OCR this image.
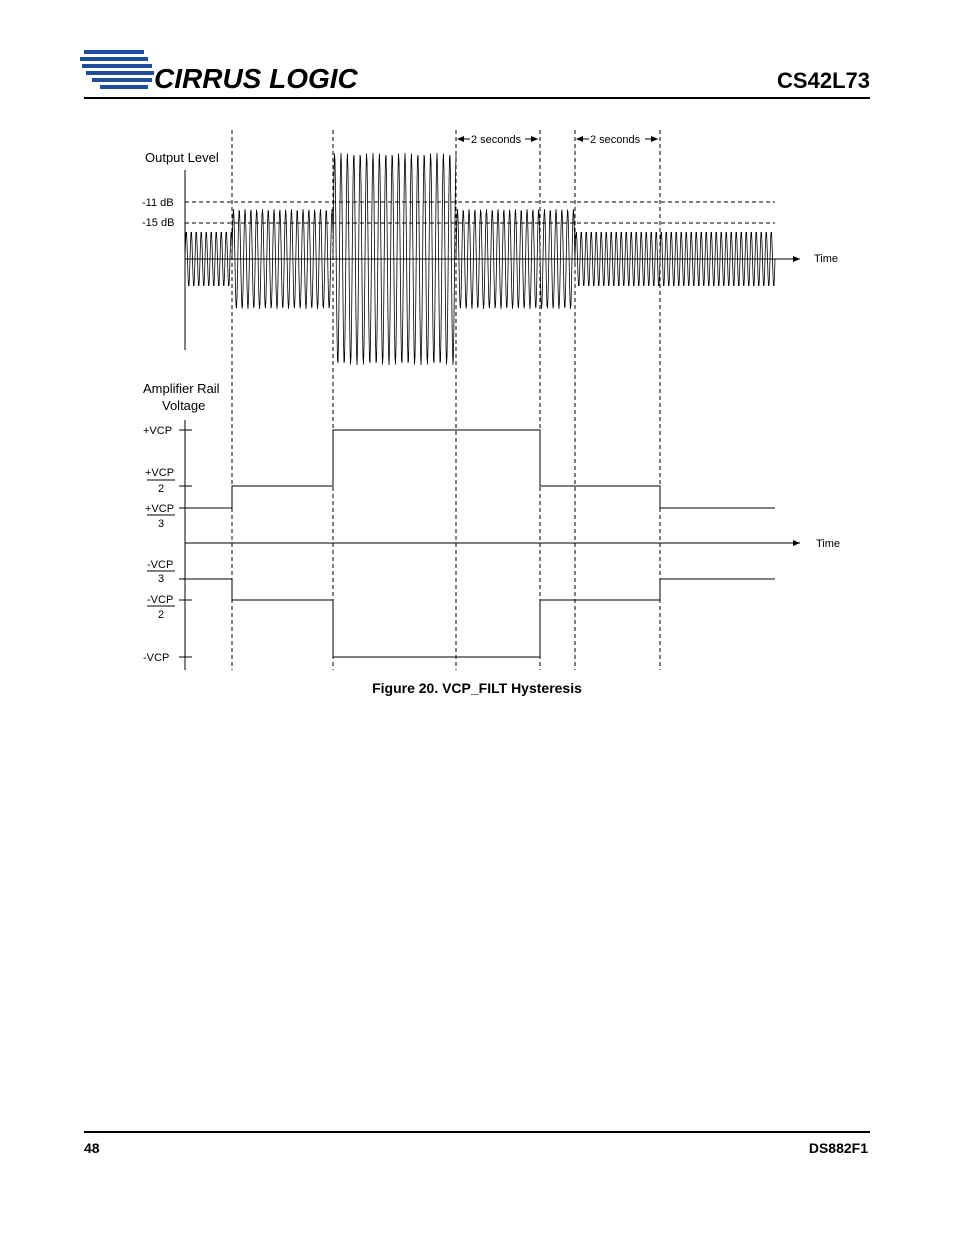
CIRRUS LOGIC	CS42L73
2 seconds	2 seconds
Output Level
Time
-11 dB
-15 dB
Amplifier Rail
Voltage
Time
+VCP
+VCP
2
+VCP
3
-VCP
3
-VCP
2
-VCP
Figure 20. VCP_FILT Hysteresis
48	DS882F1
